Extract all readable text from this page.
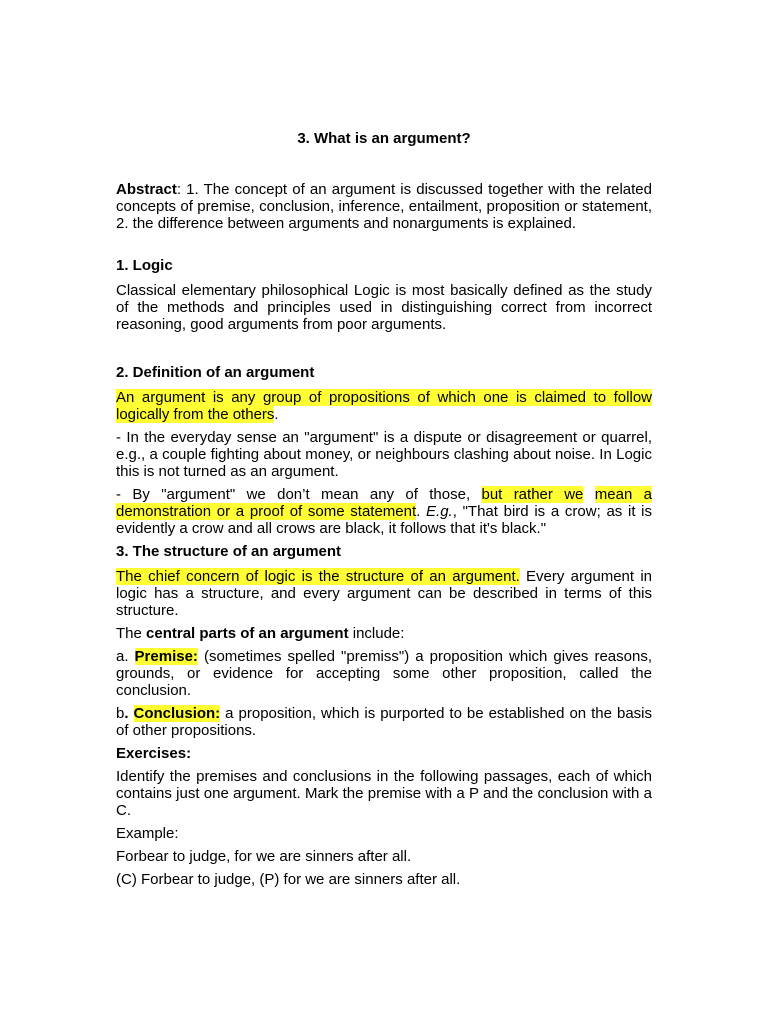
3. What is an argument?

Abstract: 1. The concept of an argument is discussed together with the related concepts of premise, conclusion, inference, entailment, proposition or statement, 2. the difference between arguments and nonarguments is explained.

1. Logic

Classical elementary philosophical Logic is most basically defined as the study of the methods and principles used in distinguishing correct from incorrect reasoning, good arguments from poor arguments.

2. Definition of an argument

An argument is any group of propositions of which one is claimed to follow logically from the others.

- In the everyday sense an "argument" is a dispute or disagreement or quarrel, e.g., a couple fighting about money, or neighbours clashing about noise. In Logic this is not turned as an argument.

- By "argument" we don’t mean any of those, but rather we mean a demonstration or a proof of some statement. E.g., "That bird is a crow; as it is evidently a crow and all crows are black, it follows that it's black."

3. The structure of an argument

The chief concern of logic is the structure of an argument. Every argument in logic has a structure, and every argument can be described in terms of this structure.

The central parts of an argument include:

a. Premise: (sometimes spelled "premiss") a proposition which gives reasons, grounds, or evidence for accepting some other proposition, called the conclusion.

b. Conclusion: a proposition, which is purported to be established on the basis of other propositions.

Exercises:

Identify the premises and conclusions in the following passages, each of which contains just one argument. Mark the premise with a P and the conclusion with a C.

Example:

Forbear to judge, for we are sinners after all.

(C) Forbear to judge, (P) for we are sinners after all.
